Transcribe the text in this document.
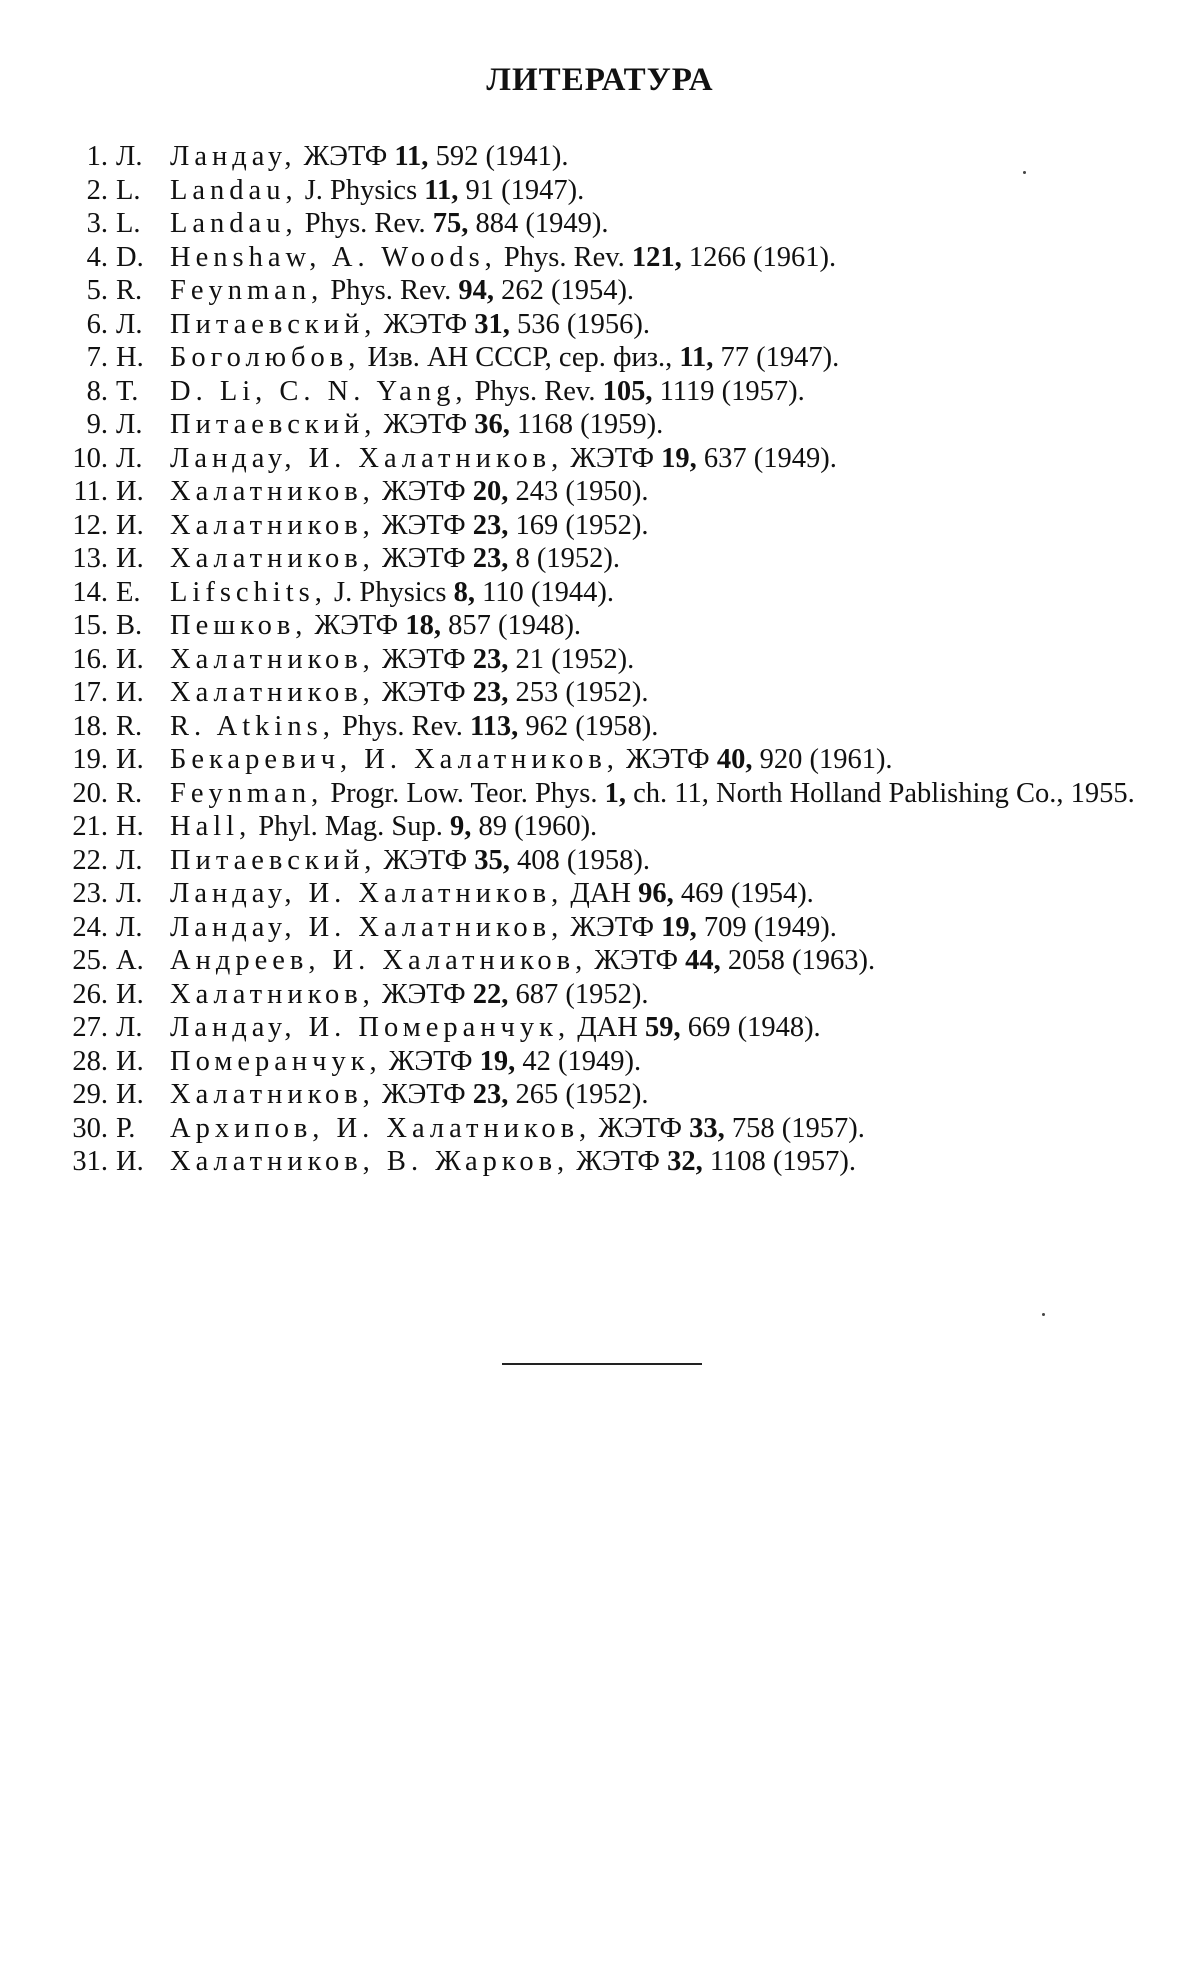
ЛИТЕРАТУРА
1. Л. Ландау, ЖЭТФ 11, 592 (1941).
2. L.	Landau, J. Physics 11, 91 (1947).
3. L.	Landau, Phys. Rev. 75, 884 (1949).
4. D. Henshaw, A. Woods, Phys. Rev. 121, 1266 (1961).
5. R. Feynman, Phys. Rev. 94, 262 (1954).
6. Л. Питаевский, ЖЭТФ 31, 536 (1956).
7. Н. Боголюбов, Изв. АН СССР, сер. физ., 11, 77 (1947).
8. T.	D. Li, C. N. Yang, Phys. Rev. 105, 1119 (1957).
9. Л. Питаевский, ЖЭТФ 36, 1168 (1959).
10. Л. Ландау, И. Халатников, ЖЭТФ 19, 637 (1949).
11. И. Халатников, ЖЭТФ 20, 243 (1950).
12. И. Халатников, ЖЭТФ 23, 169 (1952).
13. И. Халатников, ЖЭТФ 23, 8 (1952).
14. E.	Lifschits, J. Physics 8, 110 (1944).
15. В. Пешков, ЖЭТФ 18, 857 (1948).
16. И. Халатников, ЖЭТФ 23, 21 (1952).
17. И. Халатников, ЖЭТФ 23, 253 (1952).
18. R. R. Atkins, Phys. Rev. 113, 962 (1958).
19. И. Бекаревич, И. Халатников, ЖЭТФ 40, 920 (1961).
20. R. Feynman, Progr. Low. Teor. Phys. 1, ch. 11, North Holland Pablishing Co., 1955.
21. H. Hall, Phyl. Mag. Sup. 9, 89 (1960).
22. Л. Питаевский, ЖЭТФ 35, 408 (1958).
23. Л. Ландау, И. Халатников, ДАН 96, 469 (1954).
24. Л. Ландау, И. Халатников, ЖЭТФ 19, 709 (1949).
25. А. Андреев, И. Халатников, ЖЭТФ 44, 2058 (1963).
26. И. Халатников, ЖЭТФ 22, 687 (1952).
27. Л. Ландау, И. Померанчук, ДАН 59, 669 (1948).
28. И. Померанчук, ЖЭТФ 19, 42 (1949).
29. И. Халатников, ЖЭТФ 23, 265 (1952).
30. Р.	Архипов, И. Халатников, ЖЭТФ 33, 758 (1957).
31. И. Халатников, В. Жарков, ЖЭТФ 32, 1108 (1957).
